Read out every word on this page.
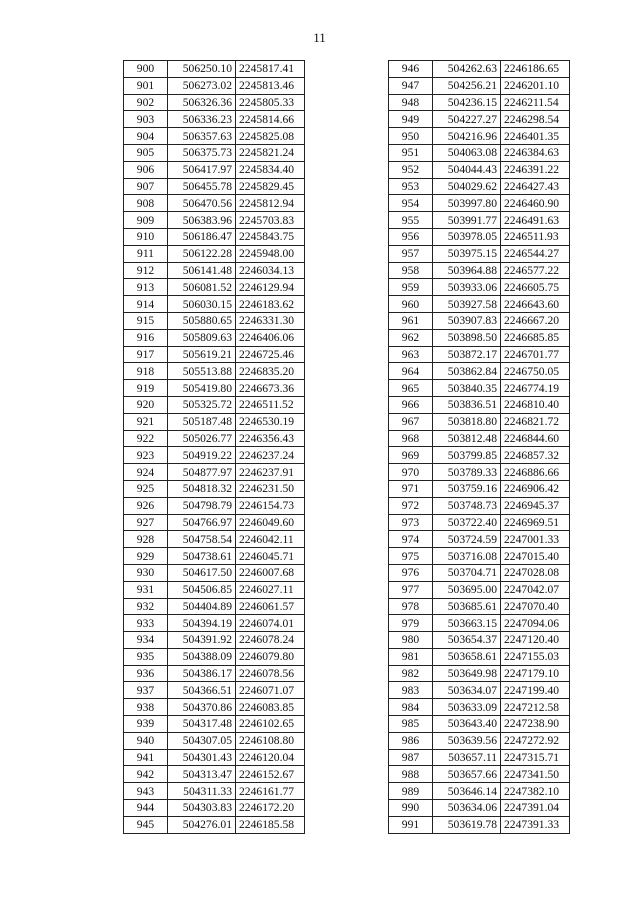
11
900	506250.10	2245817.41
901	506273.02	2245813.46
902	506326.36	2245805.33
903	506336.23	2245814.66
904	506357.63	2245825.08
905	506375.73	2245821.24
906	506417.97	2245834.40
907	506455.78	2245829.45
908	506470.56	2245812.94
909	506383.96	2245703.83
910	506186.47	2245843.75
911	506122.28	2245948.00
912	506141.48	2246034.13
913	506081.52	2246129.94
914	506030.15	2246183.62
915	505880.65	2246331.30
916	505809.63	2246406.06
917	505619.21	2246725.46
918	505513.88	2246835.20
919	505419.80	2246673.36
920	505325.72	2246511.52
921	505187.48	2246530.19
922	505026.77	2246356.43
923	504919.22	2246237.24
924	504877.97	2246237.91
925	504818.32	2246231.50
926	504798.79	2246154.73
927	504766.97	2246049.60
928	504758.54	2246042.11
929	504738.61	2246045.71
930	504617.50	2246007.68
931	504506.85	2246027.11
932	504404.89	2246061.57
933	504394.19	2246074.01
934	504391.92	2246078.24
935	504388.09	2246079.80
936	504386.17	2246078.56
937	504366.51	2246071.07
938	504370.86	2246083.85
939	504317.48	2246102.65
940	504307.05	2246108.80
941	504301.43	2246120.04
942	504313.47	2246152.67
943	504311.33	2246161.77
944	504303.83	2246172.20
945	504276.01	2246185.58
946	504262.63	2246186.65
947	504256.21	2246201.10
948	504236.15	2246211.54
949	504227.27	2246298.54
950	504216.96	2246401.35
951	504063.08	2246384.63
952	504044.43	2246391.22
953	504029.62	2246427.43
954	503997.80	2246460.90
955	503991.77	2246491.63
956	503978.05	2246511.93
957	503975.15	2246544.27
958	503964.88	2246577.22
959	503933.06	2246605.75
960	503927.58	2246643.60
961	503907.83	2246667.20
962	503898.50	2246685.85
963	503872.17	2246701.77
964	503862.84	2246750.05
965	503840.35	2246774.19
966	503836.51	2246810.40
967	503818.80	2246821.72
968	503812.48	2246844.60
969	503799.85	2246857.32
970	503789.33	2246886.66
971	503759.16	2246906.42
972	503748.73	2246945.37
973	503722.40	2246969.51
974	503724.59	2247001.33
975	503716.08	2247015.40
976	503704.71	2247028.08
977	503695.00	2247042.07
978	503685.61	2247070.40
979	503663.15	2247094.06
980	503654.37	2247120.40
981	503658.61	2247155.03
982	503649.98	2247179.10
983	503634.07	2247199.40
984	503633.09	2247212.58
985	503643.40	2247238.90
986	503639.56	2247272.92
987	503657.11	2247315.71
988	503657.66	2247341.50
989	503646.14	2247382.10
990	503634.06	2247391.04
991	503619.78	2247391.33
